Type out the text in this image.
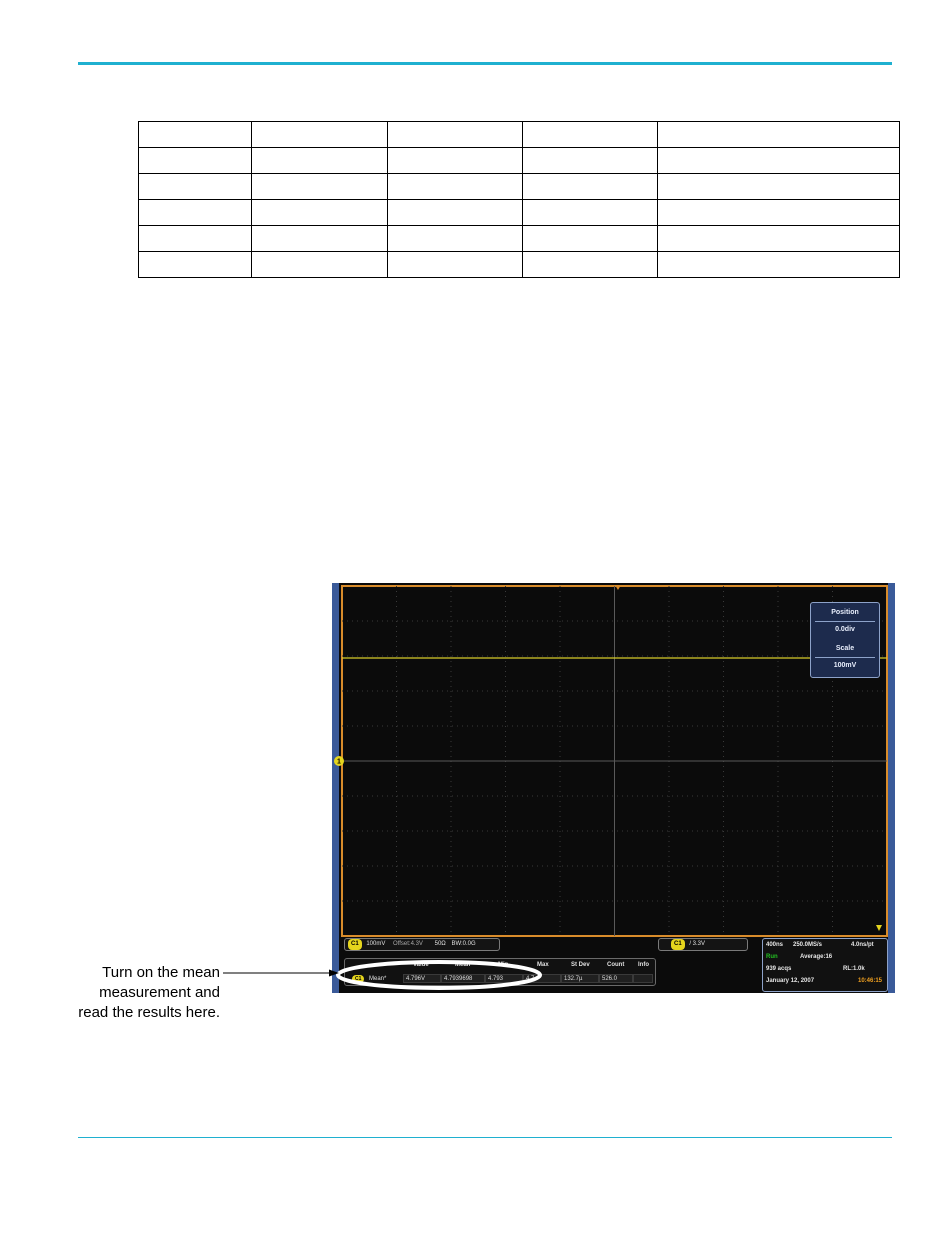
1
Position
0.0div
Scale
100mV
C1 100mV Offset:4.3V 50Ω BW:0.0G	C1 / 3.3V
Value	Mean	Min	Max	St Dev	Count Info
C1	Mean*	4.796V	4.7939698	4.793	4.7	132.7µ	526.0
400ns 250.0MS/s	4.0ns/pt
Run	Average:16
939 acqs	RL:1.0k
January 12, 2007	10:46:15
Turn on the mean
measurement and
read the results here.
